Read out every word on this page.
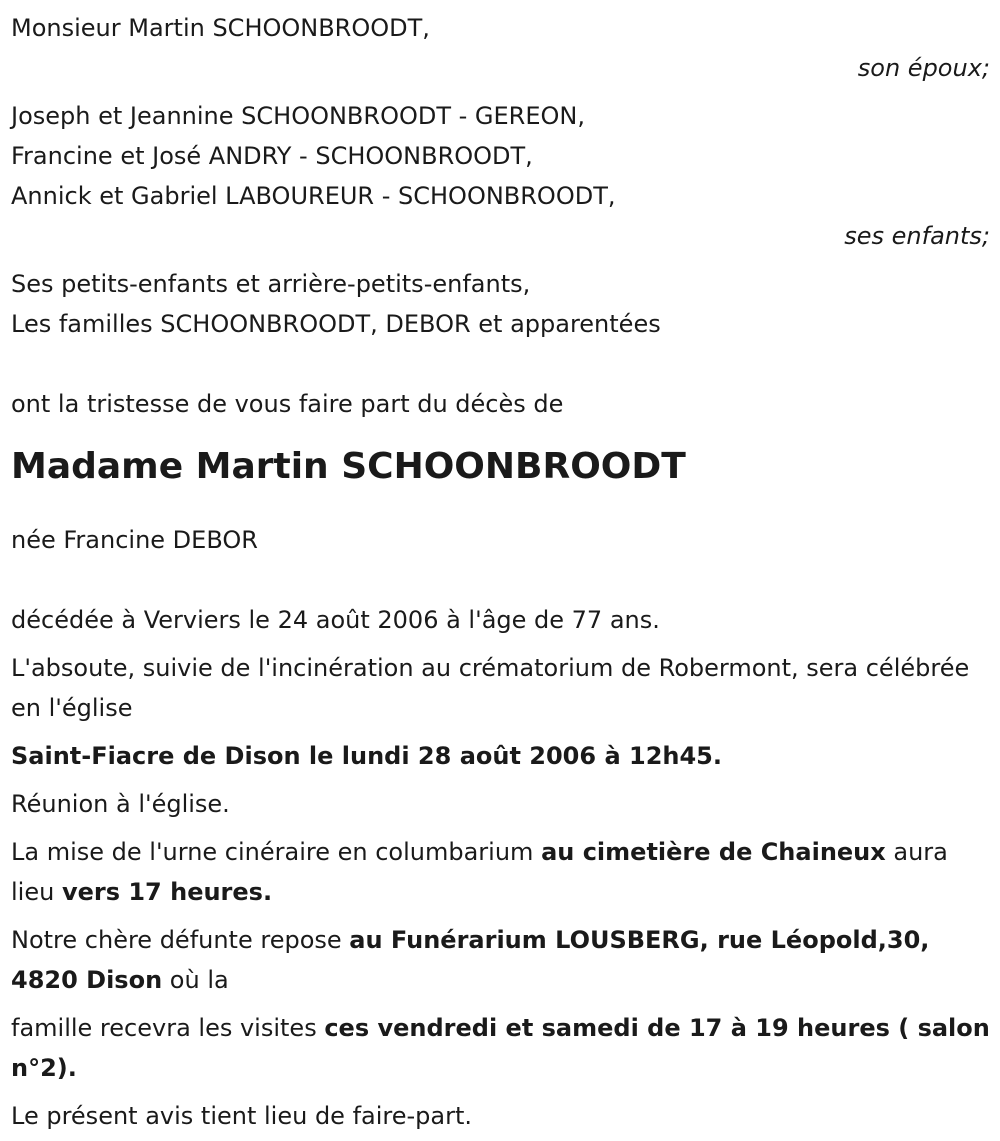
Monsieur Martin SCHOONBROODT,
son époux;
Joseph et Jeannine SCHOONBROODT - GEREON,
Francine et José ANDRY - SCHOONBROODT,
Annick et Gabriel LABOUREUR - SCHOONBROODT,
ses enfants;
Ses petits-enfants et arrière-petits-enfants,
Les familles SCHOONBROODT, DEBOR et apparentées
ont la tristesse de vous faire part du décès de
Madame Martin SCHOONBROODT
née Francine DEBOR
décédée à Verviers le 24 août 2006 à l'âge de 77 ans.
L'absoute, suivie de l'incinération au crématorium de Robermont, sera célébrée en l'église
Saint-Fiacre de Dison le lundi 28 août 2006 à 12h45.
Réunion à l'église.
La mise de l'urne cinéraire en columbarium au cimetière de Chaineux aura lieu vers 17 heures.
Notre chère défunte repose au Funérarium LOUSBERG, rue Léopold,30, 4820 Dison où la
famille recevra les visites ces vendredi et samedi de 17 à 19 heures ( salon n°2).
Le présent avis tient lieu de faire-part.
